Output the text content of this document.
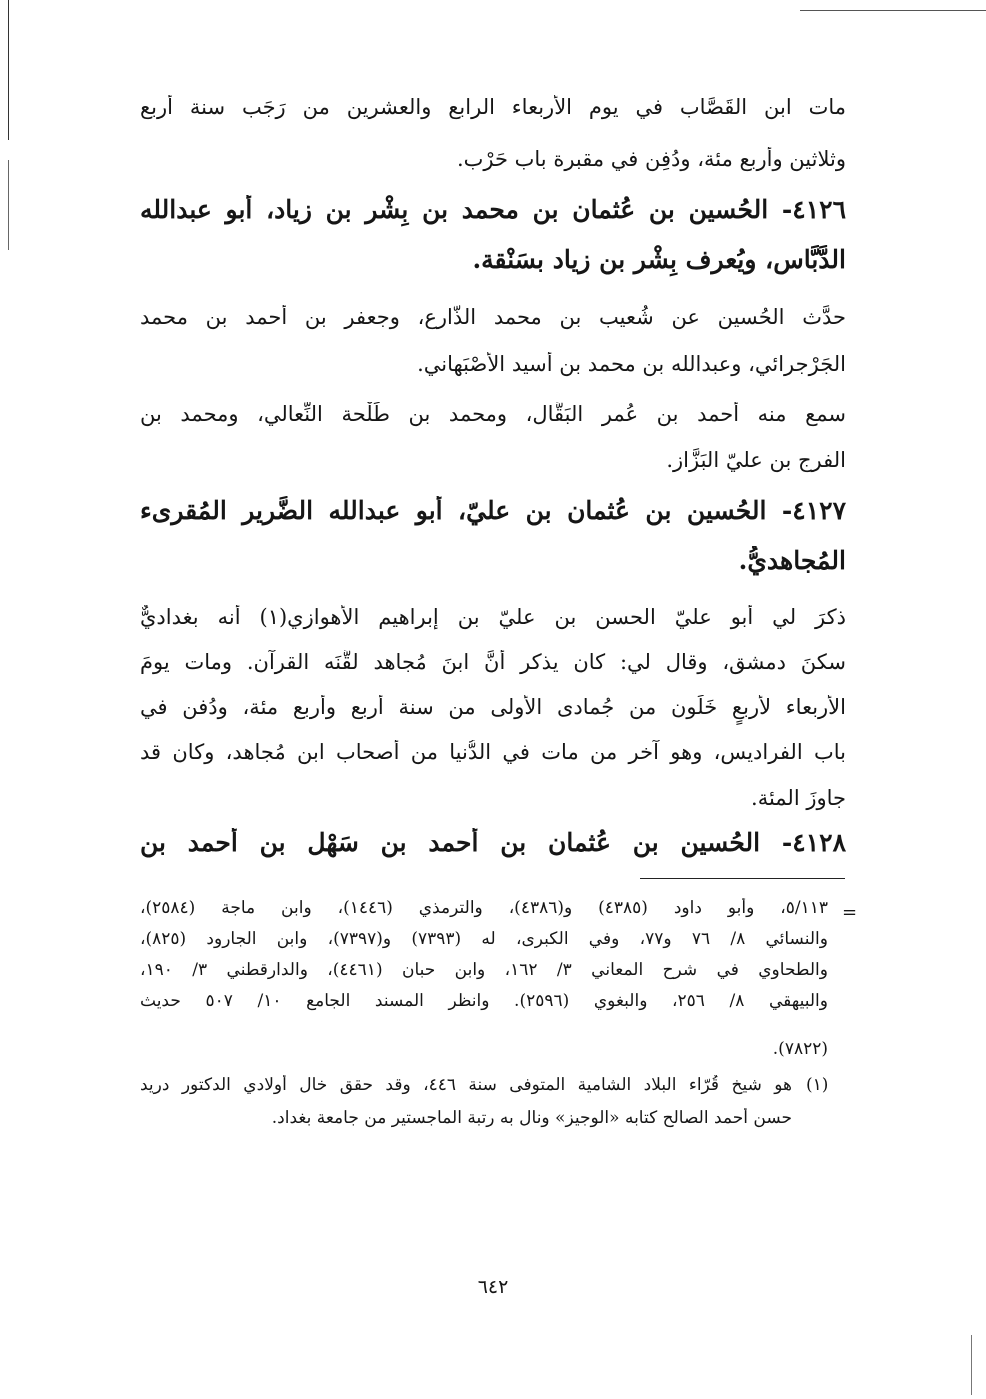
مات ابن القَصَّاب في يوم الأربعاء الرابع والعشرين من رَجَب سنة أربع
وثلاثين وأربع مئة، ودُفِن في مقبرة باب حَرْب.
٤١٢٦- الحُسين بن عُثمان بن محمد بن بِشْر بن زياد، أبو عبدالله
الدَّبَّاس، ويُعرف بِشْر بن زياد بسَنْقة.
حدَّث الحُسين عن شُعيب بن محمد الذَّارع، وجعفر بن أحمد بن محمد
الجَرْجرائي، وعبدالله بن محمد بن أسيد الأصْبَهاني.
سمع منه أحمد بن عُمر البَقَّال، ومحمد بن طَلْحة النِّعالي، ومحمد بن
الفرج بن عليّ البَزَّاز.
٤١٢٧- الحُسين بن عُثمان بن عليّ، أبو عبدالله الضَّرير المُقرىء
المُجاهديُّ.
ذكرَ لي أبو عليّ الحسن بن عليّ بن إبراهيم الأهوازي(١) أنه بغداديٌّ
سكنَ دمشق، وقال لي: كان يذكر أنَّ ابنَ مُجاهد لقَّنَه القرآن. ومات يومَ
الأربعاء لأربعٍ خَلَون من جُمادى الأولى من سنة أربع وأربع مئة، ودُفن في
باب الفراديس، وهو آخر من مات في الدُّنيا من أصحاب ابن مُجاهد، وكان قد
جاوزَ المئة.
٤١٢٨- الحُسين بن عُثمان بن أحمد بن سَهْل بن أحمد بن
=
٥/١١٣، وأبو داود (٤٣٨٥) و(٤٣٨٦)، والترمذي (١٤٤٦)، وابن ماجة (٢٥٨٤)،
والنسائي ٨/ ٧٦ و٧٧، وفي الكبرى، له (٧٣٩٣) و(٧٣٩٧)، وابن الجارود (٨٢٥)،
والطحاوي في شرح المعاني ٣/ ١٦٢، وابن حبان (٤٤٦١)، والدارقطني ٣/ ١٩٠،
والبيهقي ٨/ ٢٥٦، والبغوي (٢٥٩٦). وانظر المسند الجامع ١٠/ ٥٠٧ حديث
(٧٨٢٢).
(١)
هو شيخ قُرّاء البلاد الشامية المتوفى سنة ٤٤٦، وقد حقق خال أولادي الدكتور دريد
حسن أحمد الصالح كتابه «الوجيز» ونال به رتبة الماجستير من جامعة بغداد.
٦٤٢
